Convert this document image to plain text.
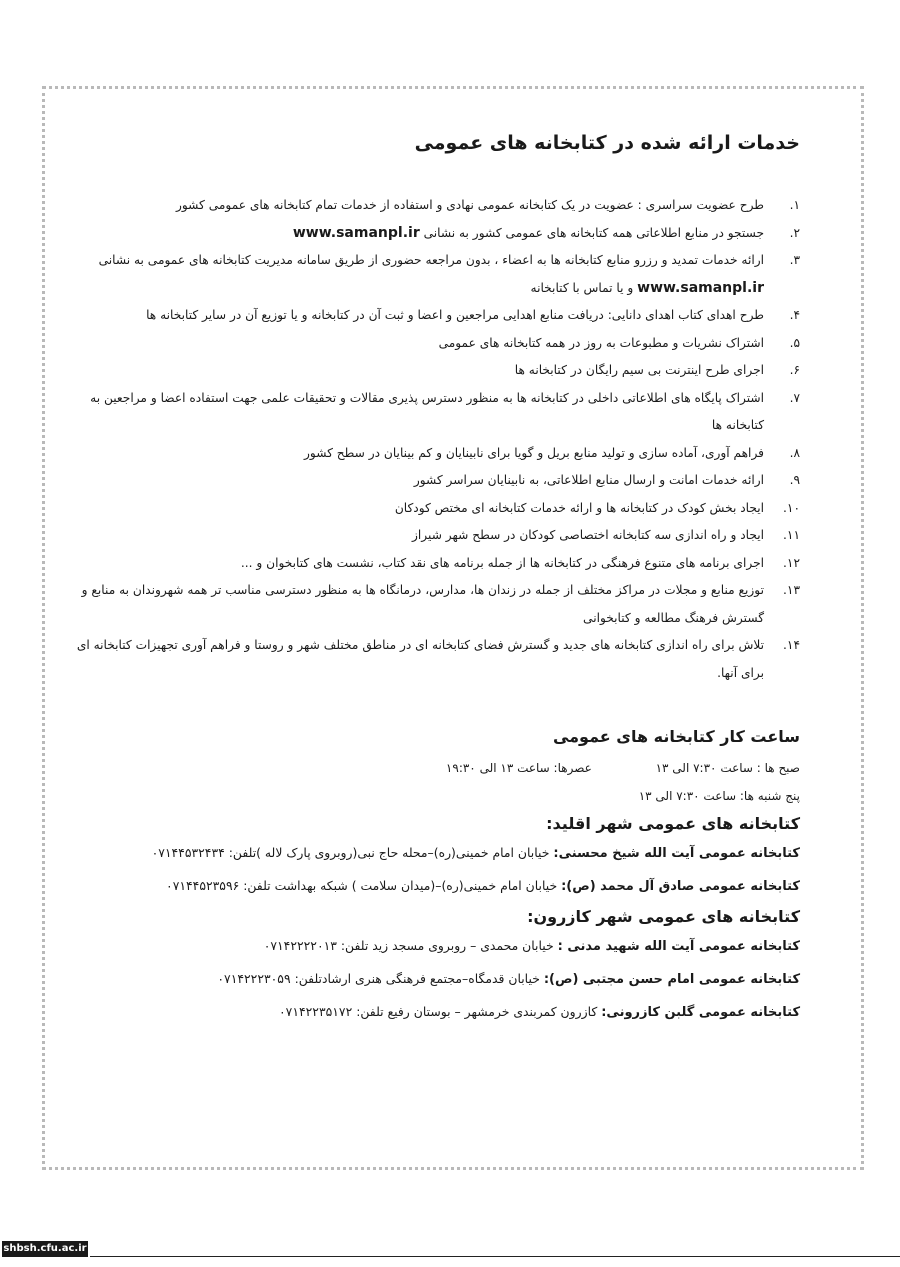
خدمات ارائه شده در کتابخانه های عمومی
۱.
طرح عضویت سراسری : عضویت در یک کتابخانه عمومی نهادی و استفاده از خدمات تمام کتابخانه های عمومی کشور
۲.
جستجو در منابع اطلاعاتی همه کتابخانه های عمومی کشور به نشانی www.samanpl.ir
۳.
ارائه خدمات تمدید و رزرو منابع کتابخانه ها به اعضاء ، بدون مراجعه حضوری از طریق سامانه مدیریت کتابخانه های عمومی به نشانی www.samanpl.ir و یا تماس با کتابخانه
۴.
طرح اهدای کتاب اهدای دانایی: دریافت منابع اهدایی مراجعین و اعضا و ثبت آن در کتابخانه و یا توزیع آن در سایر کتابخانه ها
۵.
اشتراک نشریات و مطبوعات به روز در همه کتابخانه های عمومی
۶.
اجرای طرح اینترنت بی سیم رایگان در کتابخانه ها
۷.
اشتراک پایگاه های اطلاعاتی داخلی در کتابخانه ها به منظور دسترس پذیری مقالات و تحقیقات علمی جهت استفاده اعضا و مراجعین به کتابخانه ها
۸.
فراهم آوری، آماده سازی و تولید منابع بریل و گویا برای نابینایان و کم بینایان در سطح کشور
۹.
ارائه خدمات امانت و ارسال منابع اطلاعاتی، به نابینایان سراسر کشور
۱۰.
ایجاد بخش کودک در کتابخانه ها و ارائه خدمات کتابخانه ای مختص کودکان
۱۱.
ایجاد و راه اندازی سه کتابخانه اختصاصی کودکان در سطح شهر شیراز
۱۲.
اجرای برنامه های متنوع فرهنگی در کتابخانه ها از جمله برنامه های نقد کتاب، نشست های کتابخوان و ...
۱۳.
توزیع منابع و مجلات در مراکز مختلف از جمله در زندان ها، مدارس، درمانگاه ها به منظور دسترسی مناسب تر همه شهروندان به منابع و گسترش فرهنگ مطالعه و کتابخوانی
۱۴.
تلاش برای راه اندازی کتابخانه های جدید و گسترش فضای کتابخانه ای در مناطق مختلف شهر و روستا و فراهم آوری تجهیزات کتابخانه ای برای آنها.
ساعت کار کتابخانه های عمومی
صبح ها : ساعت ۷:۳۰ الی ۱۳ عصرها: ساعت ۱۳ الی ۱۹:۳۰
پنج شنبه ها: ساعت ۷:۳۰ الی ۱۳
کتابخانه های عمومی شهر اقلید:
کتابخانه عمومی آیت الله شیخ محسنی: خیابان امام خمینی(ره)–محله حاج نبی(روبروی پارک لاله )تلفن: ۰۷۱۴۴۵۳۲۴۳۴
کتابخانه عمومی صادق آل محمد (ص): خیابان امام خمینی(ره)–(میدان سلامت ) شبکه بهداشت تلفن: ۰۷۱۴۴۵۲۳۵۹۶
کتابخانه های عمومی شهر کازرون:
کتابخانه عمومی آیت الله شهید مدنی : خیابان محمدی – روبروی مسجد زید تلفن: ۰۷۱۴۲۲۲۲۰۱۳
کتابخانه عمومی امام حسن مجتبی (ص): خیابان قدمگاه–مجتمع فرهنگی هنری ارشادتلفن: ۰۷۱۴۲۲۲۳۰۵۹
کتابخانه عمومی گلبن کازرونی: کازرون کمربندی خرمشهر – بوستان رفیع تلفن: ۰۷۱۴۲۲۳۵۱۷۲
shbsh.cfu.ac.ir
